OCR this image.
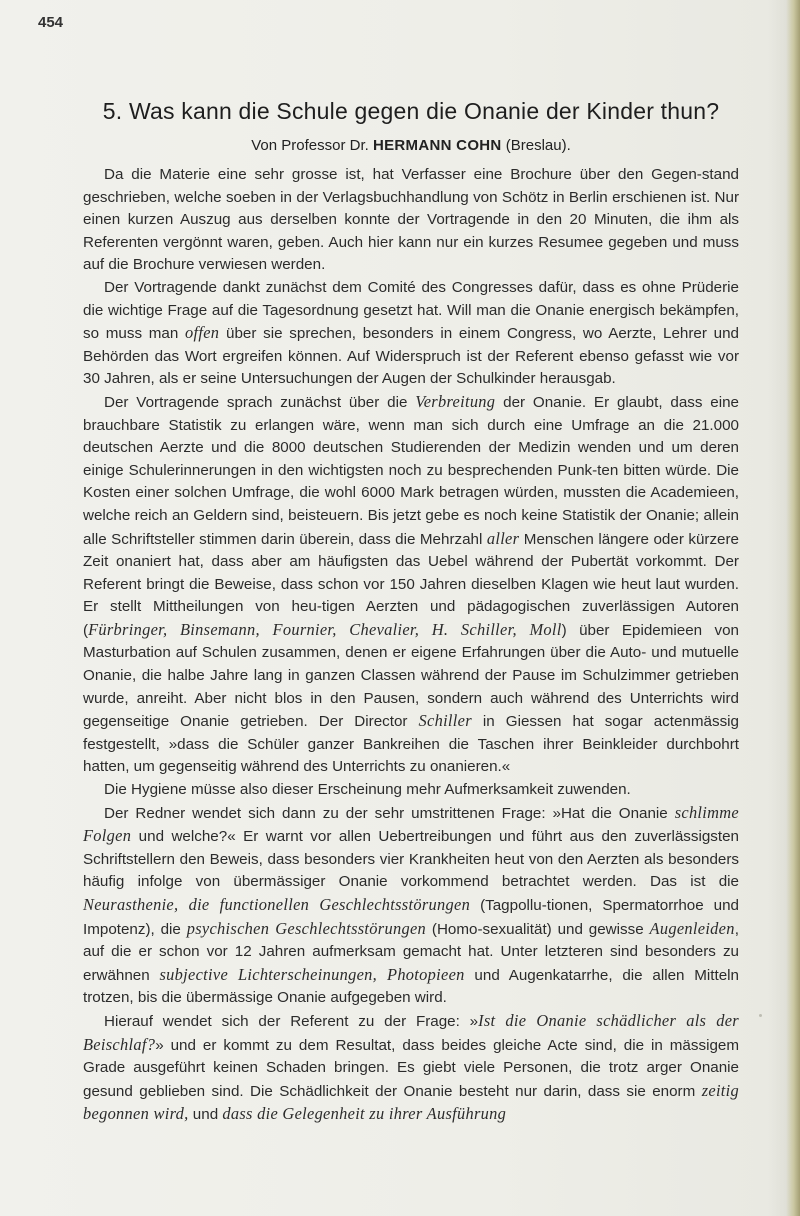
454
5. Was kann die Schule gegen die Onanie der Kinder thun?
Von Professor Dr. HERMANN COHN (Breslau).

Da die Materie eine sehr grosse ist, hat Verfasser eine Brochure über den Gegen-stand geschrieben, welche soeben in der Verlagsbuchhandlung von Schötz in Berlin erschienen ist. Nur einen kurzen Auszug aus derselben konnte der Vortragende in den 20 Minuten, die ihm als Referenten vergönnt waren, geben. Auch hier kann nur ein kurzes Resumee gegeben und muss auf die Brochure verwiesen werden.

Der Vortragende dankt zunächst dem Comité des Congresses dafür, dass es ohne Prüderie die wichtige Frage auf die Tagesordnung gesetzt hat. Will man die Onanie energisch bekämpfen, so muss man offen über sie sprechen, besonders in einem Congress, wo Aerzte, Lehrer und Behörden das Wort ergreifen können. Auf Widerspruch ist der Referent ebenso gefasst wie vor 30 Jahren, als er seine Untersuchungen der Augen der Schulkinder herausgab.

Der Vortragende sprach zunächst über die Verbreitung der Onanie. Er glaubt, dass eine brauchbare Statistik zu erlangen wäre, wenn man sich durch eine Umfrage an die 21.000 deutschen Aerzte und die 8000 deutschen Studierenden der Medizin wenden und um deren einige Schulerinnerungen in den wichtigsten noch zu besprechenden Punk-ten bitten würde. Die Kosten einer solchen Umfrage, die wohl 6000 Mark betragen würden, mussten die Academieen, welche reich an Geldern sind, beisteuern. Bis jetzt gebe es noch keine Statistik der Onanie; allein alle Schriftsteller stimmen darin überein, dass die Mehrzahl aller Menschen längere oder kürzere Zeit onaniert hat, dass aber am häufigsten das Uebel während der Pubertät vorkommt. Der Referent bringt die Beweise, dass schon vor 150 Jahren dieselben Klagen wie heut laut wurden. Er stellt Mittheilungen von heu-tigen Aerzten und pädagogischen zuverlässigen Autoren (Fürbringer, Binsemann, Fournier, Chevalier, H. Schiller, Moll) über Epidemieen von Masturbation auf Schulen zusammen, denen er eigene Erfahrungen über die Auto- und mutuelle Onanie, die halbe Jahre lang in ganzen Classen während der Pause im Schulzimmer getrieben wurde, anreiht. Aber nicht blos in den Pausen, sondern auch während des Unterrichts wird gegenseitige Onanie getrieben. Der Director Schiller in Giessen hat sogar actenmässig festgestellt, »dass die Schüler ganzer Bankreihen die Taschen ihrer Beinkleider durchbohrt hatten, um gegenseitig während des Unterrichts zu onanieren.«

Die Hygiene müsse also dieser Erscheinung mehr Aufmerksamkeit zuwenden.

Der Redner wendet sich dann zu der sehr umstrittenen Frage: »Hat die Onanie schlimme Folgen und welche?« Er warnt vor allen Uebertreibungen und führt aus den zuverlässigsten Schriftstellern den Beweis, dass besonders vier Krankheiten heut von den Aerzten als besonders häufig infolge von übermässiger Onanie vorkommend betrachtet werden. Das ist die Neurasthenie, die functionellen Geschlechtsstörungen (Tagpollu-tionen, Spermatorrhoe und Impotenz), die psychischen Geschlechtsstörungen (Homo-sexualität) und gewisse Augenleiden, auf die er schon vor 12 Jahren aufmerksam gemacht hat. Unter letzteren sind besonders zu erwähnen subjective Lichterscheinungen, Photopieen und Augenkatarrhe, die allen Mitteln trotzen, bis die übermässige Onanie aufgegeben wird.

Hierauf wendet sich der Referent zu der Frage: »Ist die Onanie schädlicher als der Beischlaf?» und er kommt zu dem Resultat, dass beides gleiche Acte sind, die in mässigem Grade ausgeführt keinen Schaden bringen. Es giebt viele Personen, die trotz arger Onanie gesund geblieben sind. Die Schädlichkeit der Onanie besteht nur darin, dass sie enorm zeitig begonnen wird, und dass die Gelegenheit zu ihrer Ausführung
